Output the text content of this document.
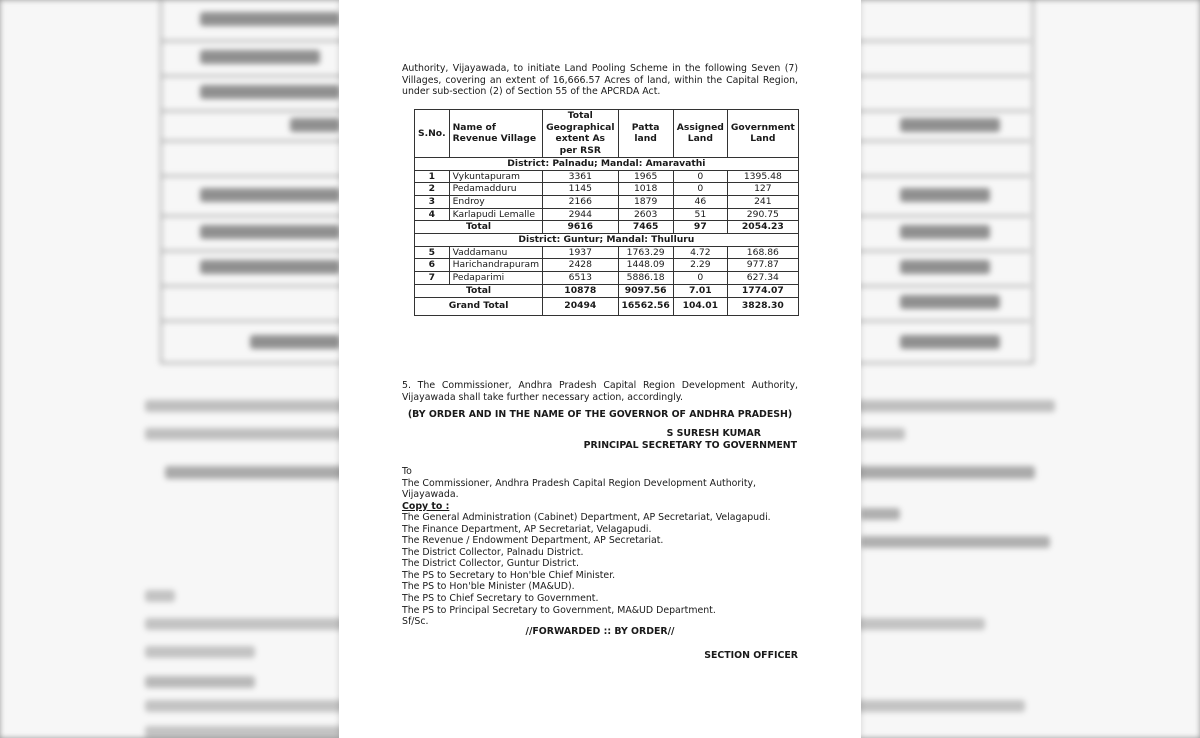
Authority, Vijayawada, to initiate Land Pooling Scheme in the following Seven (7) Villages, covering an extent of 16,666.57 Acres of land, within the Capital Region, under sub-section (2) of Section 55 of the APCRDA Act.
S.No.	Name of Revenue Village	Total Geographical extent As per RSR	Patta land	Assigned Land	Government Land
District: Palnadu; Mandal: Amaravathi					
1	Vykuntapuram	3361	1965	0	1395.48
2	Pedamadduru	1145	1018	0	127
3	Endroy	2166	1879	46	241
4	Karlapudi Lemalle	2944	2603	51	290.75
Total		9616	7465	97	2054.23
District: Guntur; Mandal: Thulluru					
5	Vaddamanu	1937	1763.29	4.72	168.86
6	Harichandrapuram	2428	1448.09	2.29	977.87
7	Pedaparimi	6513	5886.18	0	627.34
Total		10878	9097.56	7.01	1774.07
Grand Total		20494	16562.56	104.01	3828.30
5. The Commissioner, Andhra Pradesh Capital Region Development Authority, Vijayawada shall take further necessary action, accordingly.
(BY ORDER AND IN THE NAME OF THE GOVERNOR OF ANDHRA PRADESH)
S SURESH KUMAR
PRINCIPAL SECRETARY TO GOVERNMENT
To
The Commissioner, Andhra Pradesh Capital Region Development Authority,
Vijayawada.
Copy to :
The General Administration (Cabinet) Department, AP Secretariat, Velagapudi.
The Finance Department, AP Secretariat, Velagapudi.
The Revenue / Endowment Department, AP Secretariat.
The District Collector, Palnadu District.
The District Collector, Guntur District.
The PS to Secretary to Hon'ble Chief Minister.
The PS to Hon'ble Minister (MA&UD).
The PS to Chief Secretary to Government.
The PS to Principal Secretary to Government, MA&UD Department.
Sf/Sc.
//FORWARDED :: BY ORDER//
SECTION OFFICER
